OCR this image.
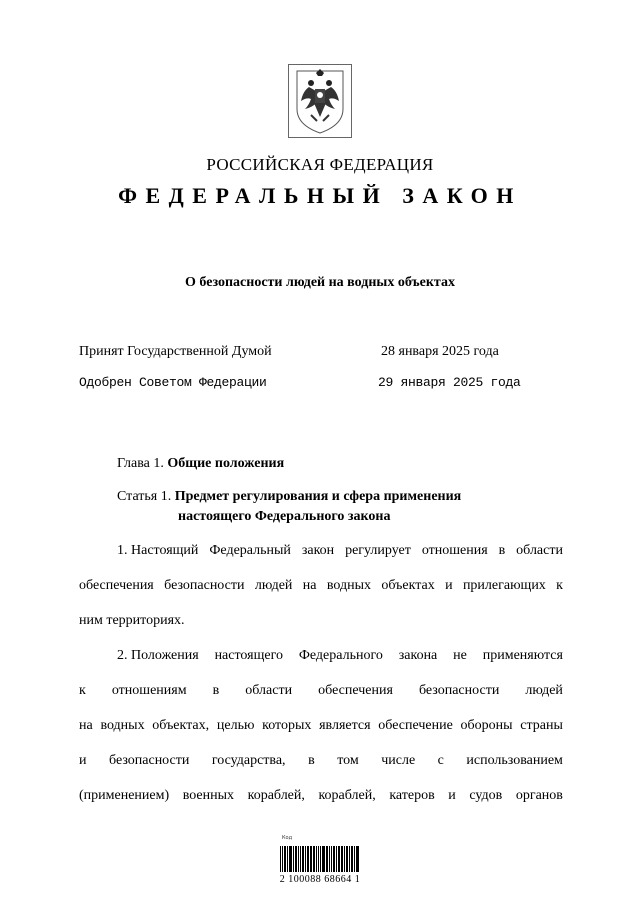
РОССИЙСКАЯ ФЕДЕРАЦИЯ
ФЕДЕРАЛЬНЫЙ ЗАКОН
О безопасности людей на водных объектах
Принят Государственной Думой	28 января 2025 года
Одобрен Советом Федерации	29 января 2025 года
Глава 1. Общие положения
Статья 1. Предмет регулирования и сфера применения
настоящего Федерального закона
1. Настоящий Федеральный закон регулирует отношения в области
обеспечения безопасности людей на водных объектах и прилегающих к
ним территориях.
2. Положения настоящего Федерального закона не применяются
к отношениям в области обеспечения безопасности людей
на водных объектах, целью которых является обеспечение обороны страны
и безопасности государства, в том числе с использованием
(применением) военных кораблей, кораблей, катеров и судов органов
Код
2 100088 68664 1
